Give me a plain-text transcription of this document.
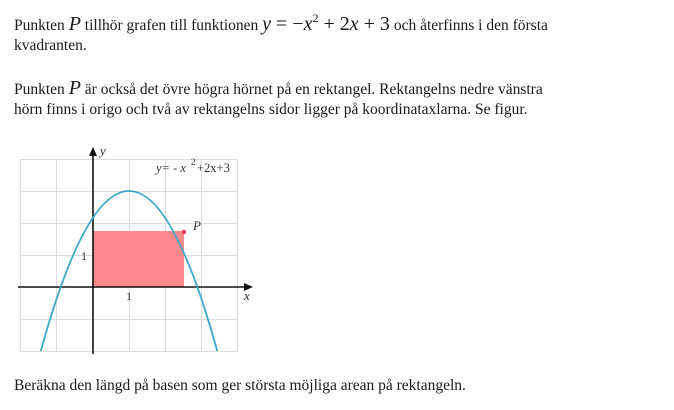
Punkten P tillhör grafen till funktionen $y = -x^2 + 2x + 3$ och återfinns i den första kvadranten.
Punkten P är också det övre högra hörnet på en rektangel. Rektangelns nedre vänstra hörn finns i origo och två av rektangelns sidor ligger på koordinataxlarna. Se figur.
y
x
1
1
P
y= - x 2 +2x+3
Beräkna den längd på basen som ger största möjliga arean på rektangeln.
